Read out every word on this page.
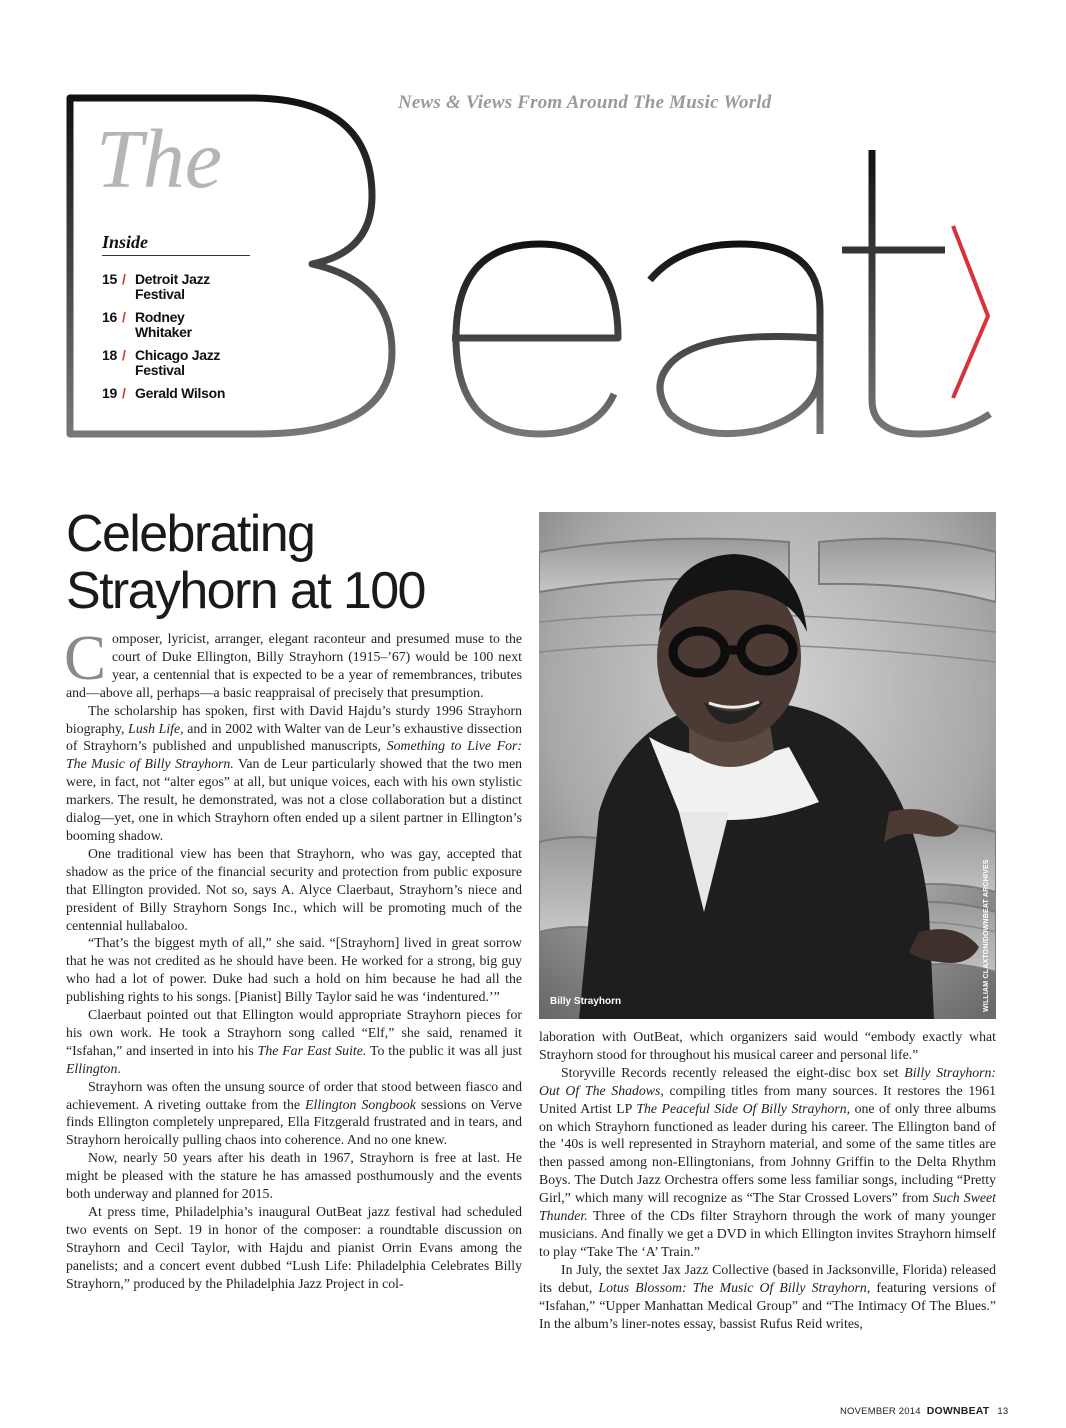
News & Views From Around The Music World
The
Inside
15 / Detroit Jazz Festival
16 / Rodney Whitaker
18 / Chicago Jazz Festival
19 / Gerald Wilson
Celebrating
Strayhorn at 100
Billy Strayhorn	WILLIAM CLAXTON/DOWNBEAT ARCHIVES

Composer, lyricist, arranger, elegant raconteur and presumed muse to the court of Duke Ellington, Billy Strayhorn (1915–’67) would be 100 next year, a centennial that is expected to be a year of remembrances, tributes and—above all, perhaps—a basic reappraisal of precisely that presumption.

The scholarship has spoken, first with David Hajdu’s sturdy 1996 Strayhorn biography, Lush Life, and in 2002 with Walter van de Leur’s exhaustive dissection of Strayhorn’s published and unpublished manuscripts, Something to Live For: The Music of Billy Strayhorn. Van de Leur particularly showed that the two men were, in fact, not “alter egos” at all, but unique voices, each with his own stylistic markers. The result, he demonstrated, was not a close collaboration but a distinct dialog—yet, one in which Strayhorn often ended up a silent partner in Ellington’s booming shadow.

One traditional view has been that Strayhorn, who was gay, accepted that shadow as the price of the financial security and protection from public exposure that Ellington provided. Not so, says A. Alyce Claerbaut, Strayhorn’s niece and president of Billy Strayhorn Songs Inc., which will be promoting much of the centennial hullabaloo.

“That’s the biggest myth of all,” she said. “[Strayhorn] lived in great sorrow that he was not credited as he should have been. He worked for a strong, big guy who had a lot of power. Duke had such a hold on him because he had all the publishing rights to his songs. [Pianist] Billy Taylor said he was ‘indentured.’”

Claerbaut pointed out that Ellington would appropriate Strayhorn pieces for his own work. He took a Strayhorn song called “Elf,” she said, renamed it “Isfahan,” and inserted in into his The Far East Suite. To the public it was all just Ellington.

Strayhorn was often the unsung source of order that stood between fiasco and achievement. A riveting outtake from the Ellington Songbook sessions on Verve finds Ellington completely unprepared, Ella Fitzgerald frustrated and in tears, and Strayhorn heroically pulling chaos into coherence. And no one knew.

Now, nearly 50 years after his death in 1967, Strayhorn is free at last. He might be pleased with the stature he has amassed posthumously and the events both underway and planned for 2015.

At press time, Philadelphia’s inaugural OutBeat jazz festival had scheduled two events on Sept. 19 in honor of the composer: a roundtable discussion on Strayhorn and Cecil Taylor, with Hajdu and pianist Orrin Evans among the panelists; and a concert event dubbed “Lush Life: Philadelphia Celebrates Billy Strayhorn,” produced by the Philadelphia Jazz Project in col-

laboration with OutBeat, which organizers said would “embody exactly what Strayhorn stood for throughout his musical career and personal life.”

Storyville Records recently released the eight-disc box set Billy Strayhorn: Out Of The Shadows, compiling titles from many sources. It restores the 1961 United Artist LP The Peaceful Side Of Billy Strayhorn, one of only three albums on which Strayhorn functioned as leader during his career. The Ellington band of the ’40s is well represented in Strayhorn material, and some of the same titles are then passed among non-Ellingtonians, from Johnny Griffin to the Delta Rhythm Boys. The Dutch Jazz Orchestra offers some less familiar songs, including “Pretty Girl,” which many will recognize as “The Star Crossed Lovers” from Such Sweet Thunder. Three of the CDs filter Strayhorn through the work of many younger musicians. And finally we get a DVD in which Ellington invites Strayhorn himself to play “Take The ‘A’ Train.”

In July, the sextet Jax Jazz Collective (based in Jacksonville, Florida) released its debut, Lotus Blossom: The Music Of Billy Strayhorn, featuring versions of “Isfahan,” “Upper Manhattan Medical Group” and “The Intimacy Of The Blues.” In the album’s liner-notes essay, bassist Rufus Reid writes,

NOVEMBER 2014 DOWNBEAT 13
